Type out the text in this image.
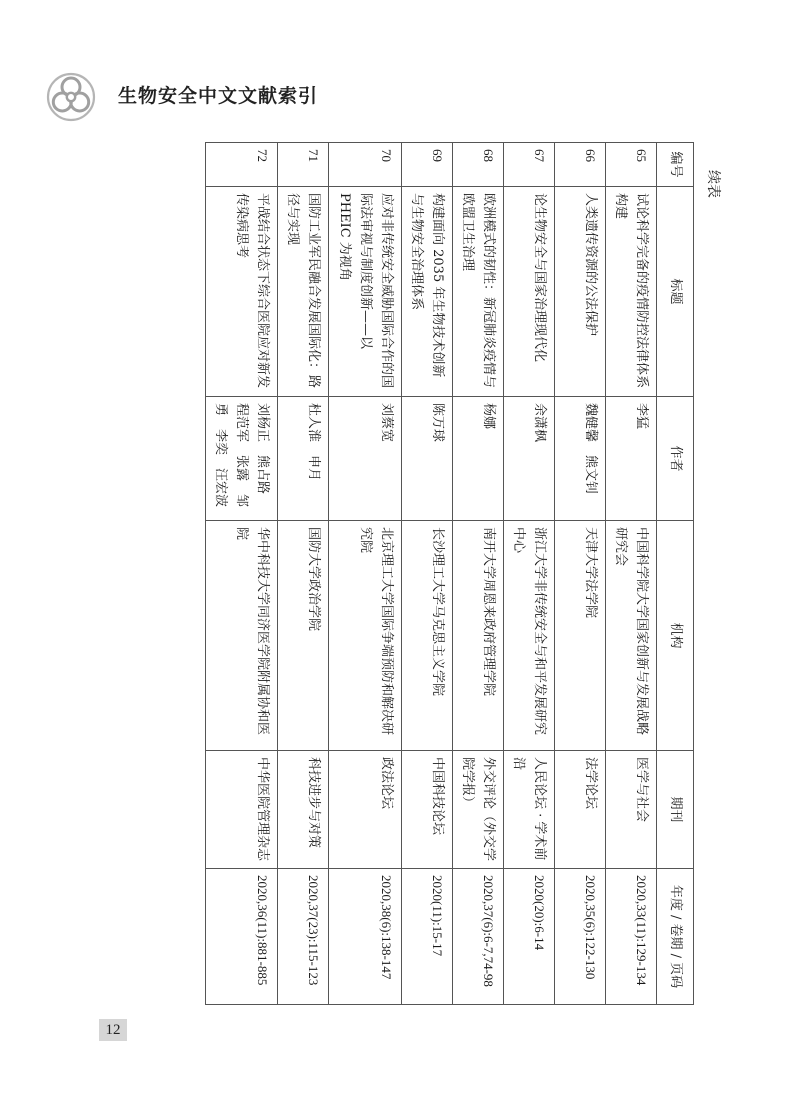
生物安全中文文献索引
续表
编号	标题	作者	机构	期刊	年度 / 卷期 / 页码
65	试论科学完备的疫情防控法律体系构建	李猛	中国科学院大学国家创新与发展战略研究会	医学与社会	2020,33(11):129-134
66	人类遗传资源的公法保护	魏健馨　熊文钊	天津大学法学院	法学论坛	2020,35(6):122-130
67	论生物安全与国家治理现代化	余潇枫	浙江大学非传统安全与和平发展研究中心	人民论坛 · 学术前沿	2020(20):6-14
68	欧洲模式的韧性：新冠肺炎疫情与欧盟卫生治理	杨娜	南开大学周恩来政府管理学院	外交评论（外交学院学报）	2020,37(6):6-7,74-98
69	构建面向 2035 年生物技术创新与生物安全治理体系	陈万球	长沙理工大学马克思主义学院	中国科技论坛	2020(11):15-17
70	应对非传统安全威胁国际合作的国际法审视与制度创新——以 PHEIC 为视角	刘蔡宽	北京理工大学国际争端预防和解决研究院	政法论坛	2020,38(6):138-147
71	国防工业军民融合发展国际化：路径与实现	杜人淮　申月	国防大学政治学院	科技进步与对策	2020,37(23):115-123
72	平战结合状态下综合医院应对新发传染病思考	刘杨正　熊占路　程范军　张露　邹勇　李奕　汪宏波	华中科技大学同济医学院附属协和医院	中华医院管理杂志	2020,36(11):881-885
12
